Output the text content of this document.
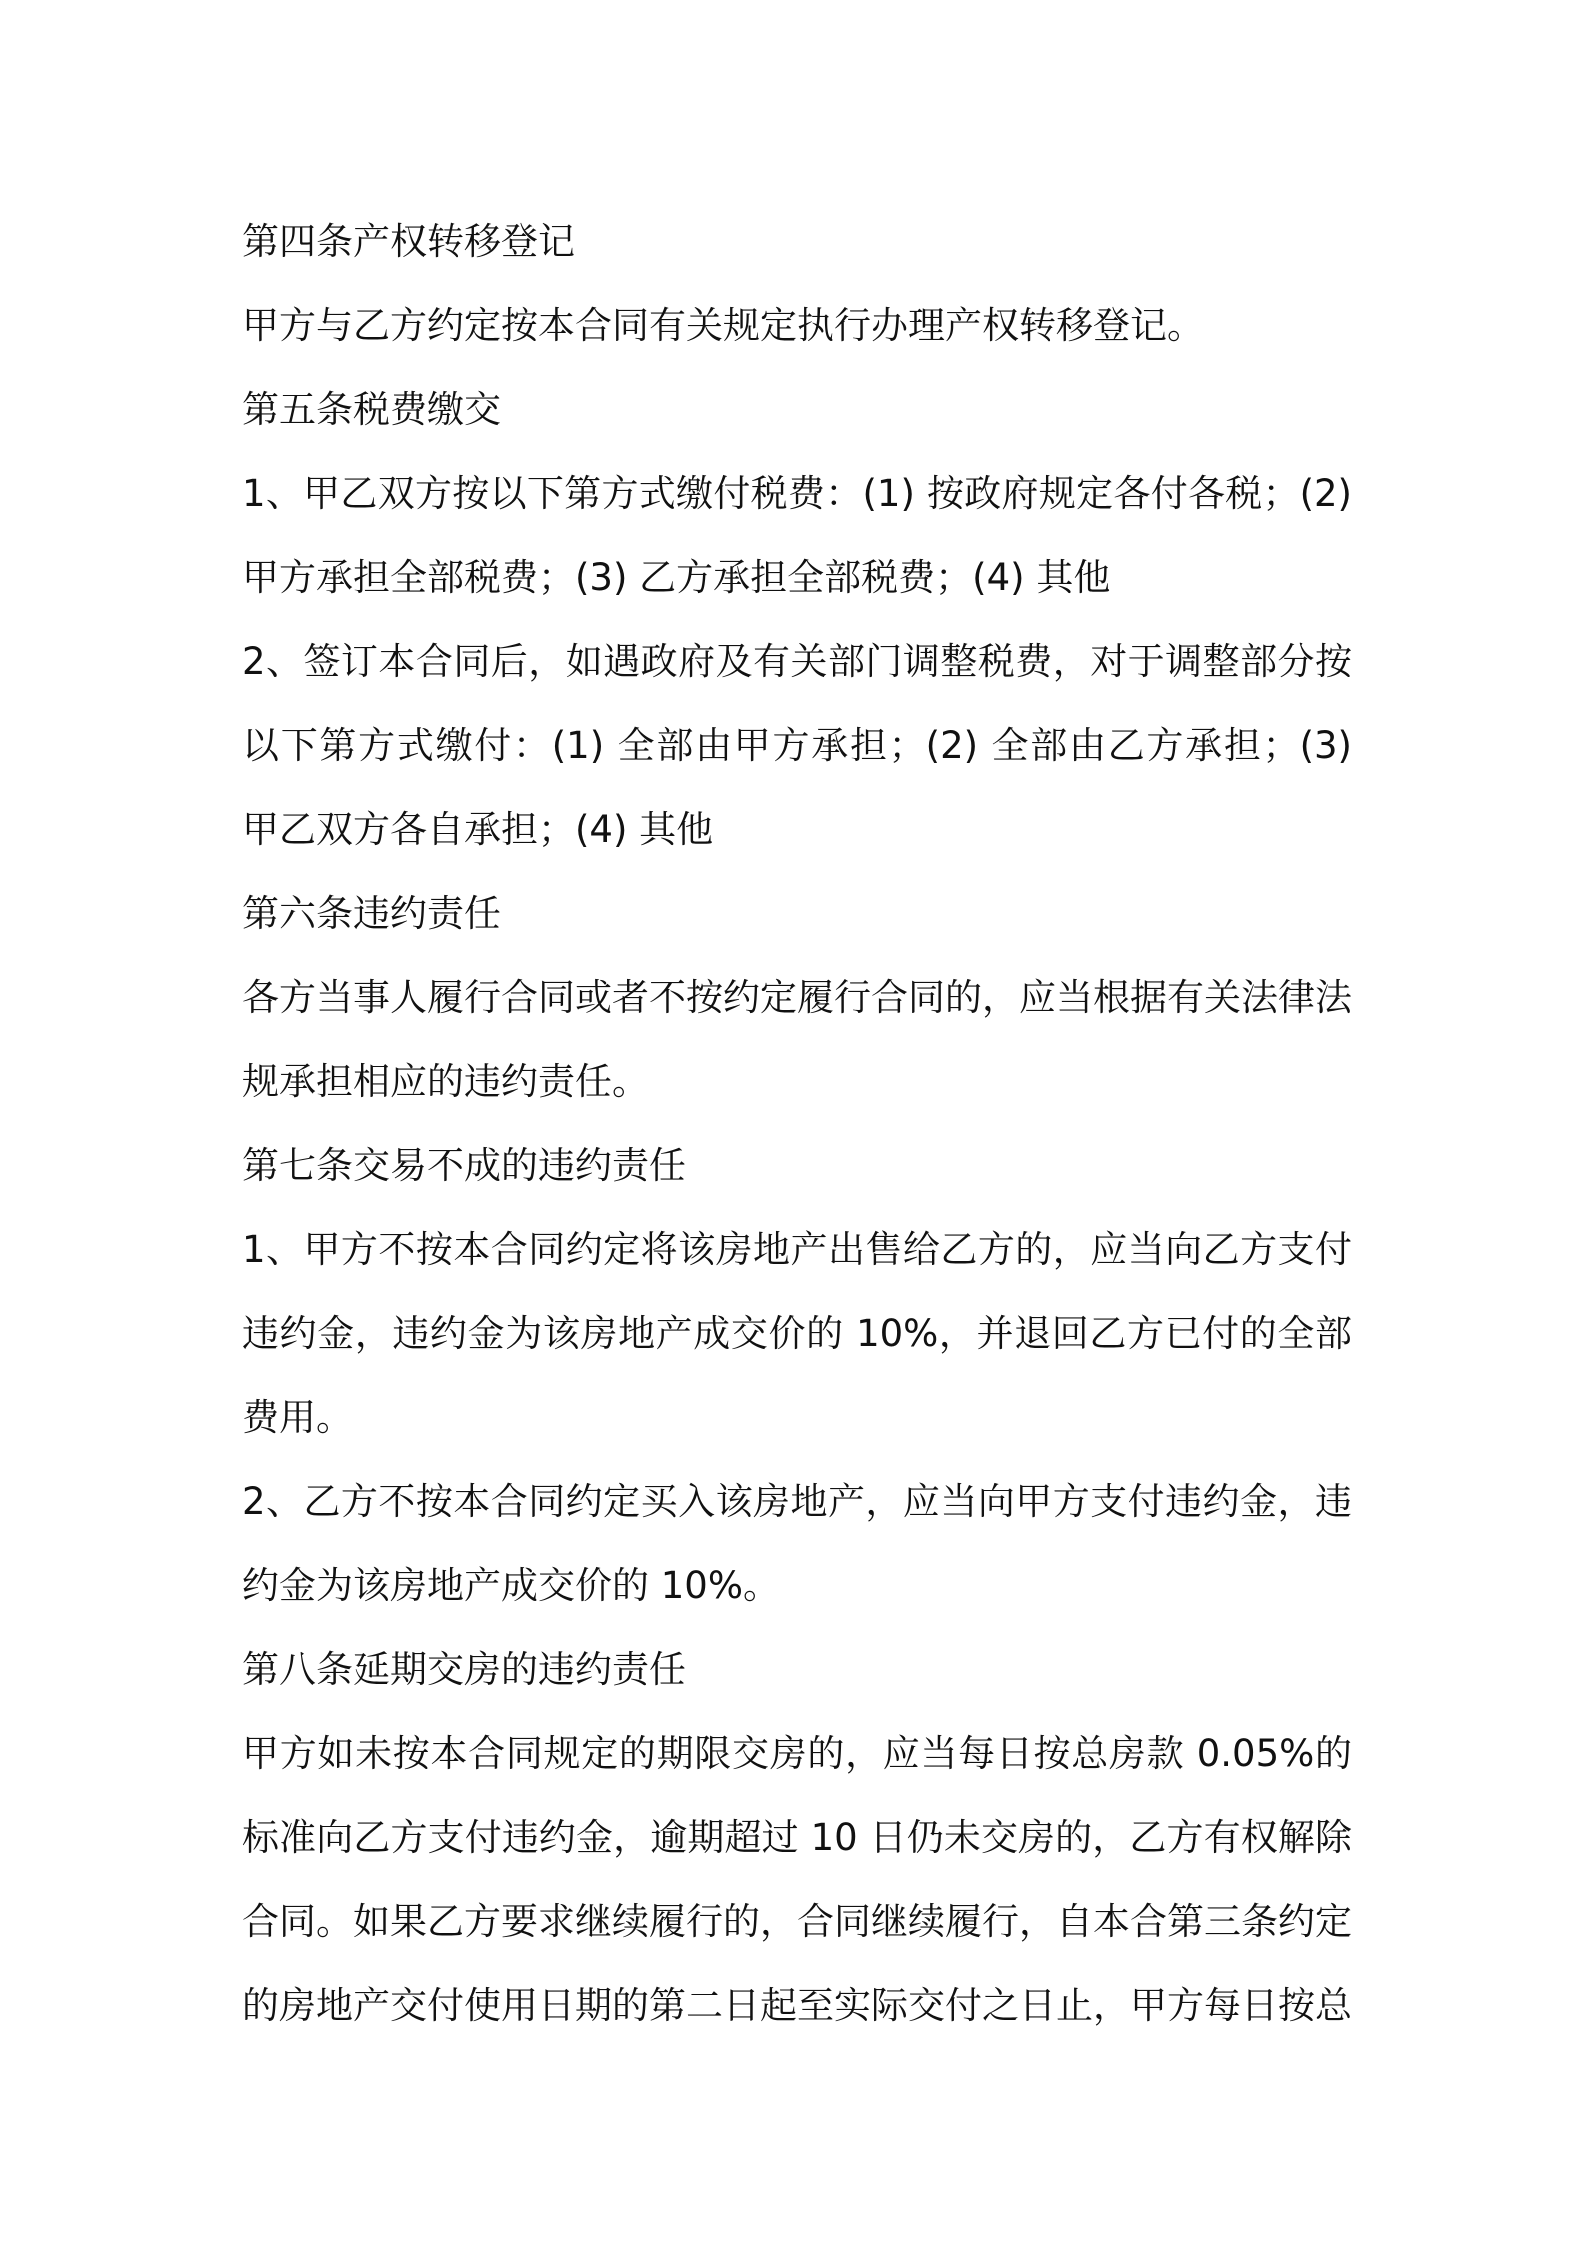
第四条产权转移登记

甲方与乙方约定按本合同有关规定执行办理产权转移登记。

第五条税费缴交

1、甲乙双方按以下第方式缴付税费：(1) 按政府规定各付各税；(2) 甲方承担全部税费；(3) 乙方承担全部税费；(4) 其他

2、签订本合同后，如遇政府及有关部门调整税费，对于调整部分按以下第方式缴付：(1) 全部由甲方承担；(2) 全部由乙方承担；(3) 甲乙双方各自承担；(4) 其他

第六条违约责任

各方当事人履行合同或者不按约定履行合同的，应当根据有关法律法规承担相应的违约责任。

第七条交易不成的违约责任

1、甲方不按本合同约定将该房地产出售给乙方的，应当向乙方支付违约金，违约金为该房地产成交价的 10%，并退回乙方已付的全部费用。

2、乙方不按本合同约定买入该房地产，应当向甲方支付违约金，违约金为该房地产成交价的 10%。

第八条延期交房的违约责任

甲方如未按本合同规定的期限交房的，应当每日按总房款 0.05%的标准向乙方支付违约金，逾期超过 10 日仍未交房的，乙方有权解除合同。如果乙方要求继续履行的，合同继续履行，自本合第三条约定的房地产交付使用日期的第二日起至实际交付之日止，甲方每日按总
